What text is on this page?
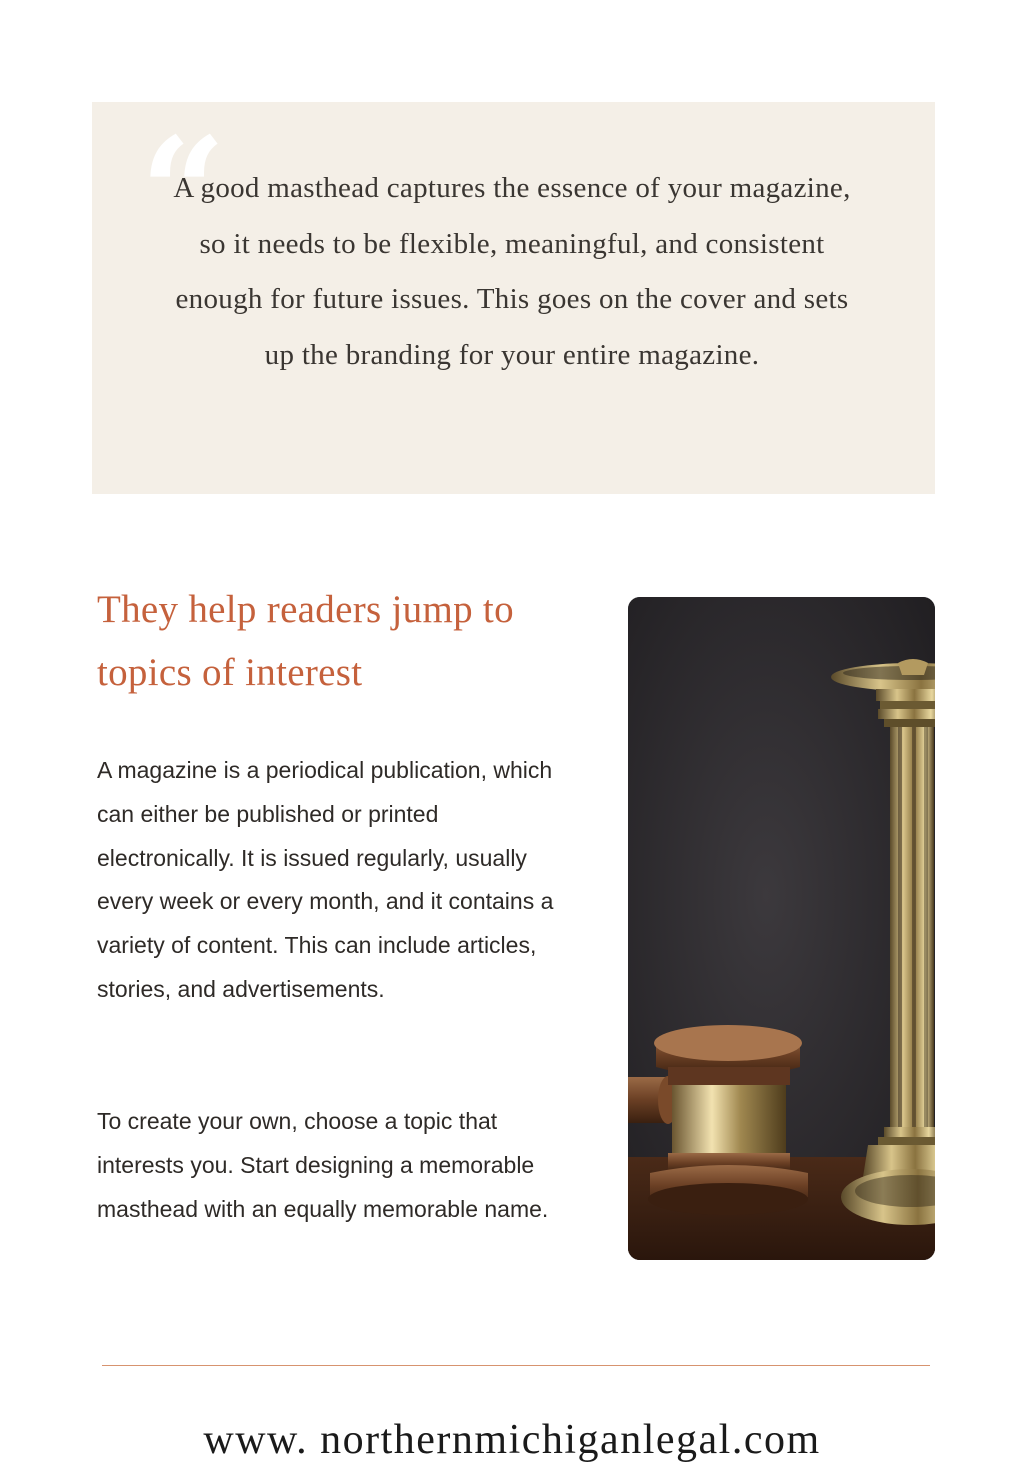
“

A good masthead captures the essence of your magazine, so it needs to be flexible, meaningful, and consistent enough for future issues. This goes on the cover and sets up the branding for your entire magazine.

They help readers jump to topics of interest

A magazine is a periodical publication, which can either be published or printed electronically. It is issued regularly, usually every week or every month, and it contains a variety of content. This can include articles, stories, and advertisements.

To create your own, choose a topic that interests you. Start designing a memorable masthead with an equally memorable name.

www. northernmichiganlegal.com
